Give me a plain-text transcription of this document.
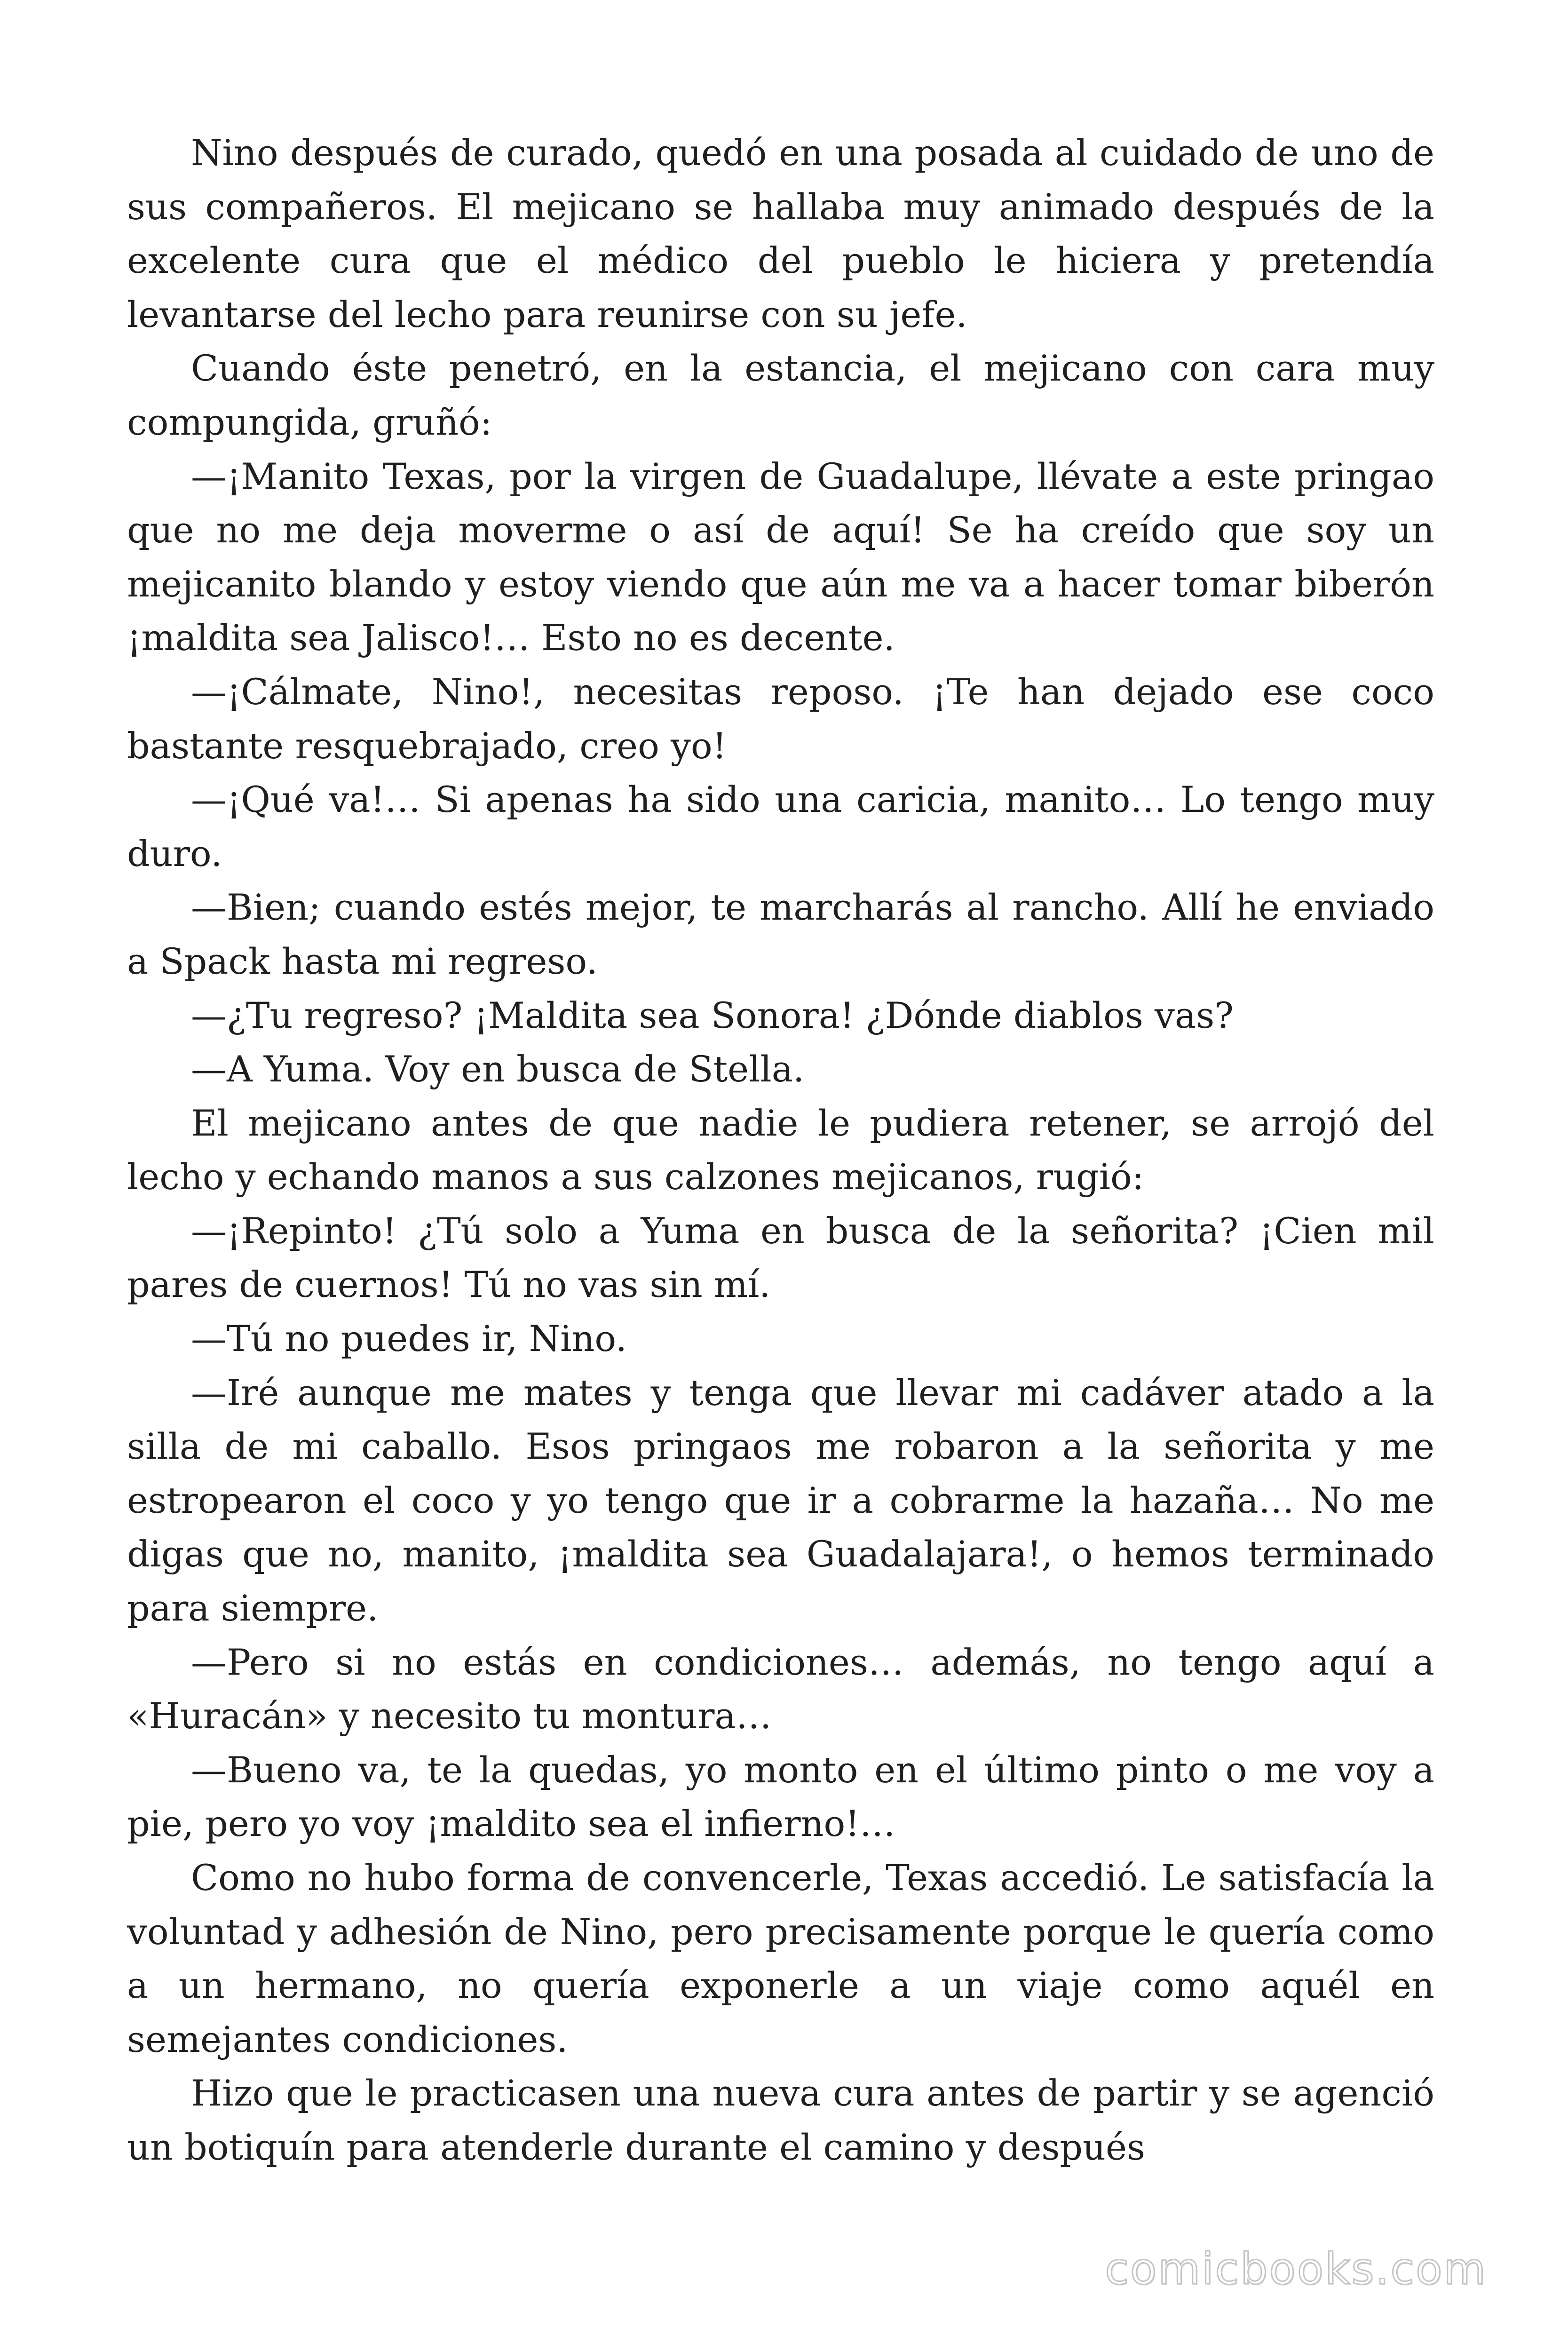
Nino después de curado, quedó en una posada al cuidado de uno de sus compañeros. El mejicano se hallaba muy animado después de la excelente cura que el médico del pueblo le hiciera y pretendía levantarse del lecho para reunirse con su jefe.

Cuando éste penetró, en la estancia, el mejicano con cara muy compungida, gruñó:

—¡Manito Texas, por la virgen de Guadalupe, llévate a este pringao que no me deja moverme o así de aquí! Se ha creído que soy un mejicanito blando y estoy viendo que aún me va a hacer tomar biberón ¡maldita sea Jalisco!… Esto no es decente.

—¡Cálmate, Nino!, necesitas reposo. ¡Te han dejado ese coco bastante resquebrajado, creo yo!

—¡Qué va!… Si apenas ha sido una caricia, manito… Lo tengo muy duro.

—Bien; cuando estés mejor, te marcharás al rancho. Allí he enviado a Spack hasta mi regreso.

—¿Tu regreso? ¡Maldita sea Sonora! ¿Dónde diablos vas?

—A Yuma. Voy en busca de Stella.

El mejicano antes de que nadie le pudiera retener, se arrojó del lecho y echando manos a sus calzones mejicanos, rugió:

—¡Repinto! ¿Tú solo a Yuma en busca de la señorita? ¡Cien mil pares de cuernos! Tú no vas sin mí.

—Tú no puedes ir, Nino.

—Iré aunque me mates y tenga que llevar mi cadáver atado a la silla de mi caballo. Esos pringaos me robaron a la señorita y me estropearon el coco y yo tengo que ir a cobrarme la hazaña… No me digas que no, manito, ¡maldita sea Guadalajara!, o hemos terminado para siempre.

—Pero si no estás en condiciones… además, no tengo aquí a «Huracán» y necesito tu montura…

—Bueno va, te la quedas, yo monto en el último pinto o me voy a pie, pero yo voy ¡maldito sea el infierno!…

Como no hubo forma de convencerle, Texas accedió. Le satisfacía la voluntad y adhesión de Nino, pero precisamente porque le quería como a un hermano, no quería exponerle a un viaje como aquél en semejantes condiciones.

Hizo que le practicasen una nueva cura antes de partir y se agenció un botiquín para atenderle durante el camino y después

comicbooks.com
